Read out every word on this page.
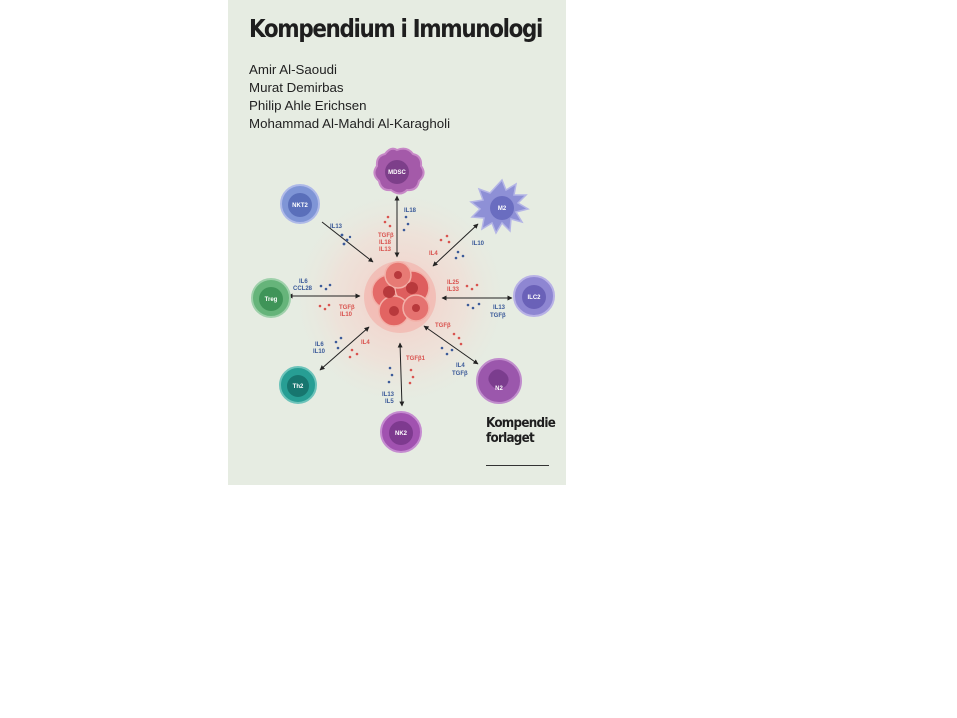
Kompendium i Immunologi
Amir Al-Saoudi
Murat Demirbas
Philip Ahle Erichsen
Mohammad Al-Mahdi Al-Karagholi
MDSC
NKT2	M2
Treg	ILC2
Th2	N2
NK2
IL13
TGFβ
IL18
IL13
IL18
IL4
IL10
IL6
CCL28
TGFβ
IL10
IL25
IL33
IL13
TGFβ
IL6
IL10
IL4
TGFβ
IL4
TGFβ
TGFβ1
IL13
IL5
Kompendie
forlaget
